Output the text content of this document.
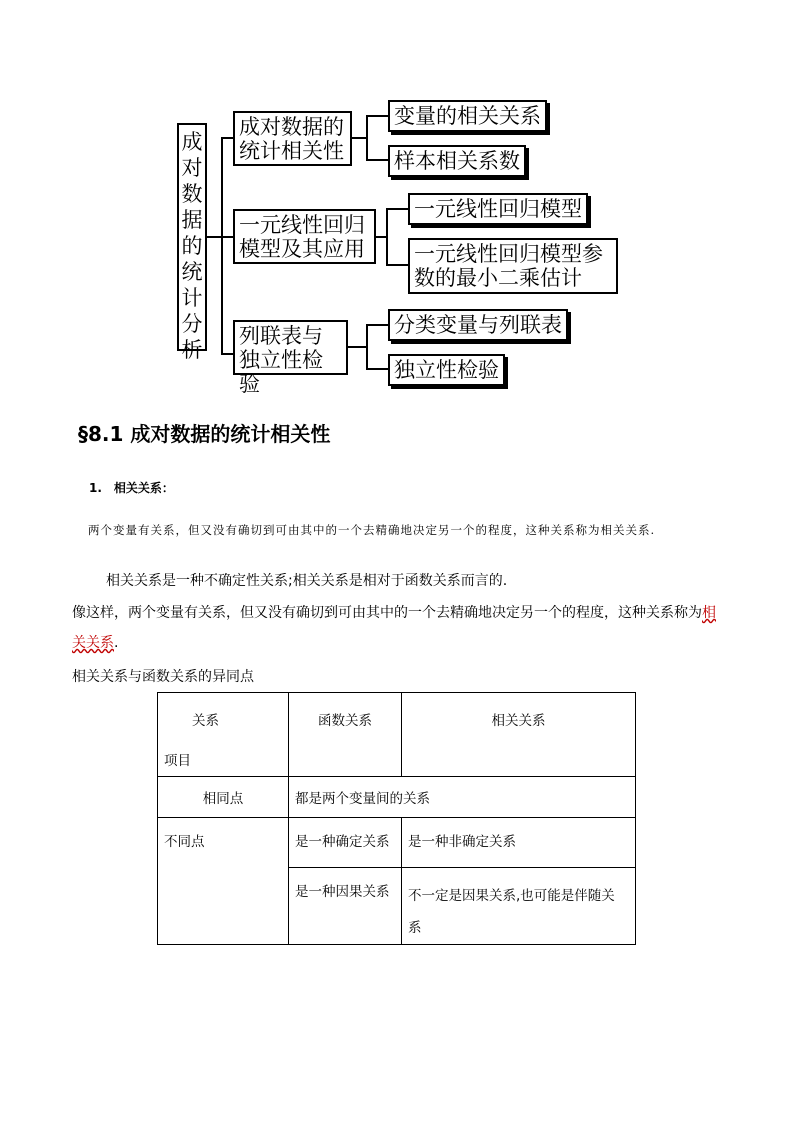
成对数据的统计分析
成对数据的统计相关性
变量的相关关系
样本相关系数
一元线性回归模型及其应用
一元线性回归模型
一元线性回归模型参数的最小二乘估计
列联表与独立性检验
分类变量与列联表
独立性检验
§8.1 成对数据的统计相关性
1. 相关关系：
两个变量有关系，但又没有确切到可由其中的一个去精确地决定另一个的程度，这种关系称为相关关系.
相关关系是一种不确定性关系;相关关系是相对于函数关系而言的.
像这样，两个变量有关系，但又没有确切到可由其中的一个去精确地决定另一个的程度，这种关系称为相
关关系.
相关关系与函数关系的异同点
关系
项目	函数关系	相关关系
相同点	都是两个变量间的关系	
不同点	是一种确定关系	是一种非确定关系
	是一种因果关系	不一定是因果关系,也可能是伴随关系
